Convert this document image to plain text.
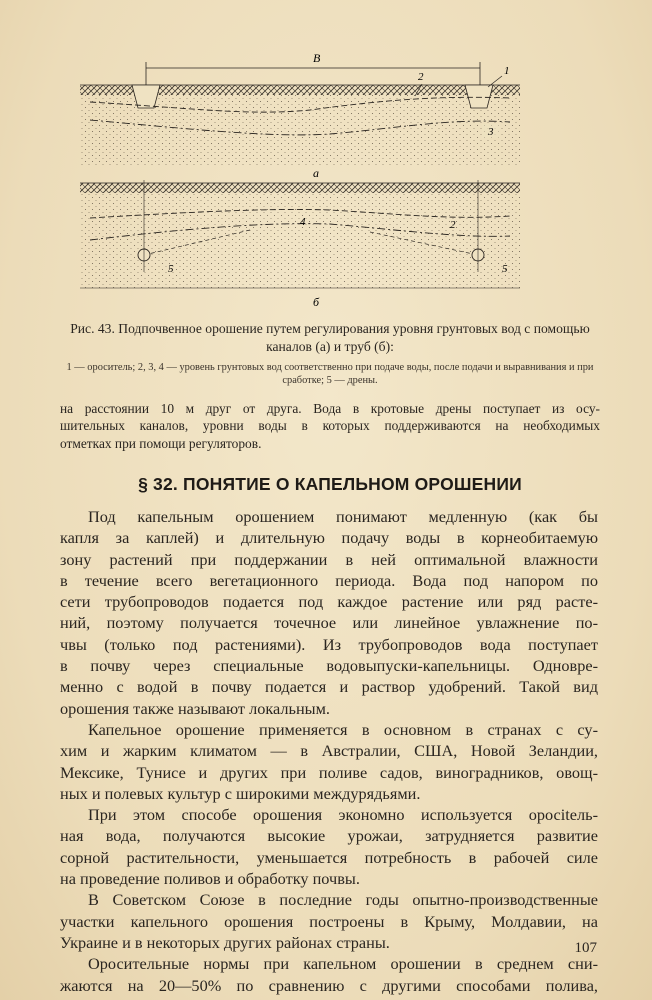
В
1
2
3
а
4	2
5	5
б
Рис. 43. Подпочвенное орошение путем регулирования уровня грунтовых вод с помощью каналов (а) и труб (б):
1 — ороситель; 2, 3, 4 — уровень грунтовых вод соответственно при подаче воды, после подачи и выравнивания и при сработке; 5 — дрены.
на расстоянии 10 м друг от друга. Вода в кротовые дрены поступает из осу-
шительных каналов, уровни воды в которых поддерживаются на необходимых
отметках при помощи регуляторов.
§ 32. ПОНЯТИЕ О КАПЕЛЬНОМ ОРОШЕНИИ
Под капельным орошением понимают медленную (как бы
капля за каплей) и длительную подачу воды в корнеобитаемую
зону растений при поддержании в ней оптимальной влажности
в течение всего вегетационного периода. Вода под напором по
сети трубопроводов подается под каждое растение или ряд расте-
ний, поэтому получается точечное или линейное увлажнение по-
чвы (только под растениями). Из трубопроводов вода поступает
в почву через специальные водовыпуски-капельницы. Одновре-
менно с водой в почву подается и раствор удобрений. Такой вид
орошения также называют локальным.
Капельное орошение применяется в основном в странах с су-
хим и жарким климатом — в Австралии, США, Новой Зеландии,
Мексике, Тунисе и других при поливе садов, виноградников, овощ-
ных и полевых культур с широкими междурядьями.
При этом способе орошения экономно используется оросitель-
ная вода, получаются высокие урожаи, затрудняется развитие
сорной растительности, уменьшается потребность в рабочей силе
на проведение поливов и обработку почвы.
В Советском Союзе в последние годы опытно-производственные
участки капельного орошения построены в Крыму, Молдавии, на
Украине и в некоторых других районах страны.
Оросительные нормы при капельном орошении в среднем сни-
жаются на 20—50% по сравнению с другими способами полива,
107
